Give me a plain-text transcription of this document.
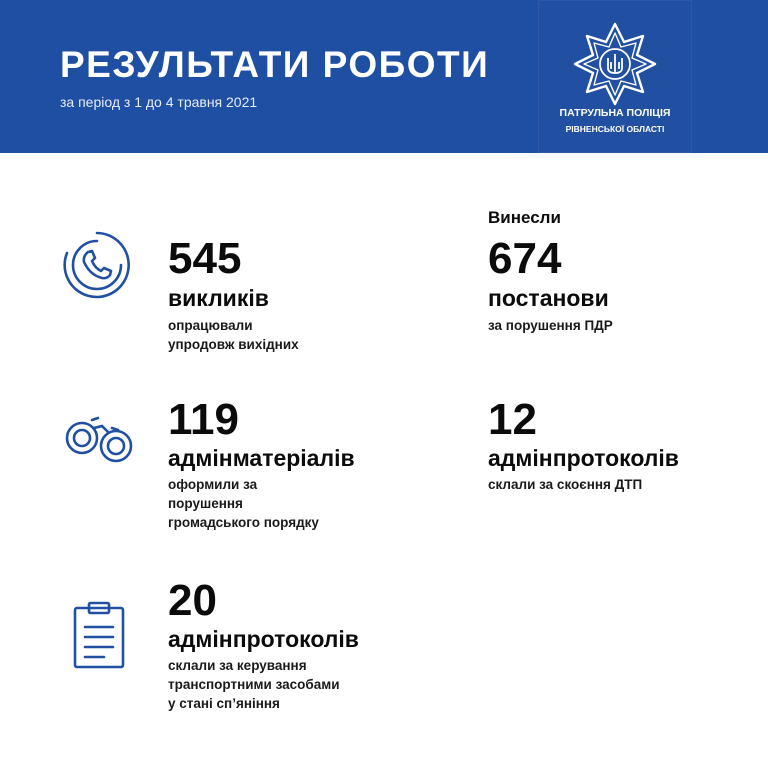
РЕЗУЛЬТАТИ РОБОТИ
за період з 1 до 4 травня 2021
ПАТРУЛЬНА ПОЛІЦІЯ
РІВНЕНСЬКОЇ ОБЛАСТІ
545
викликів
опрацювали
упродовж вихідних
Винесли
674
постанови
за порушення ПДР
119
адмінматеріалів
оформили за
порушення
громадського порядку
12
адмінпротоколів
склали за скоєння ДТП
20
адмінпротоколів
склали за керування
транспортними засобами
у стані сп’яніння
